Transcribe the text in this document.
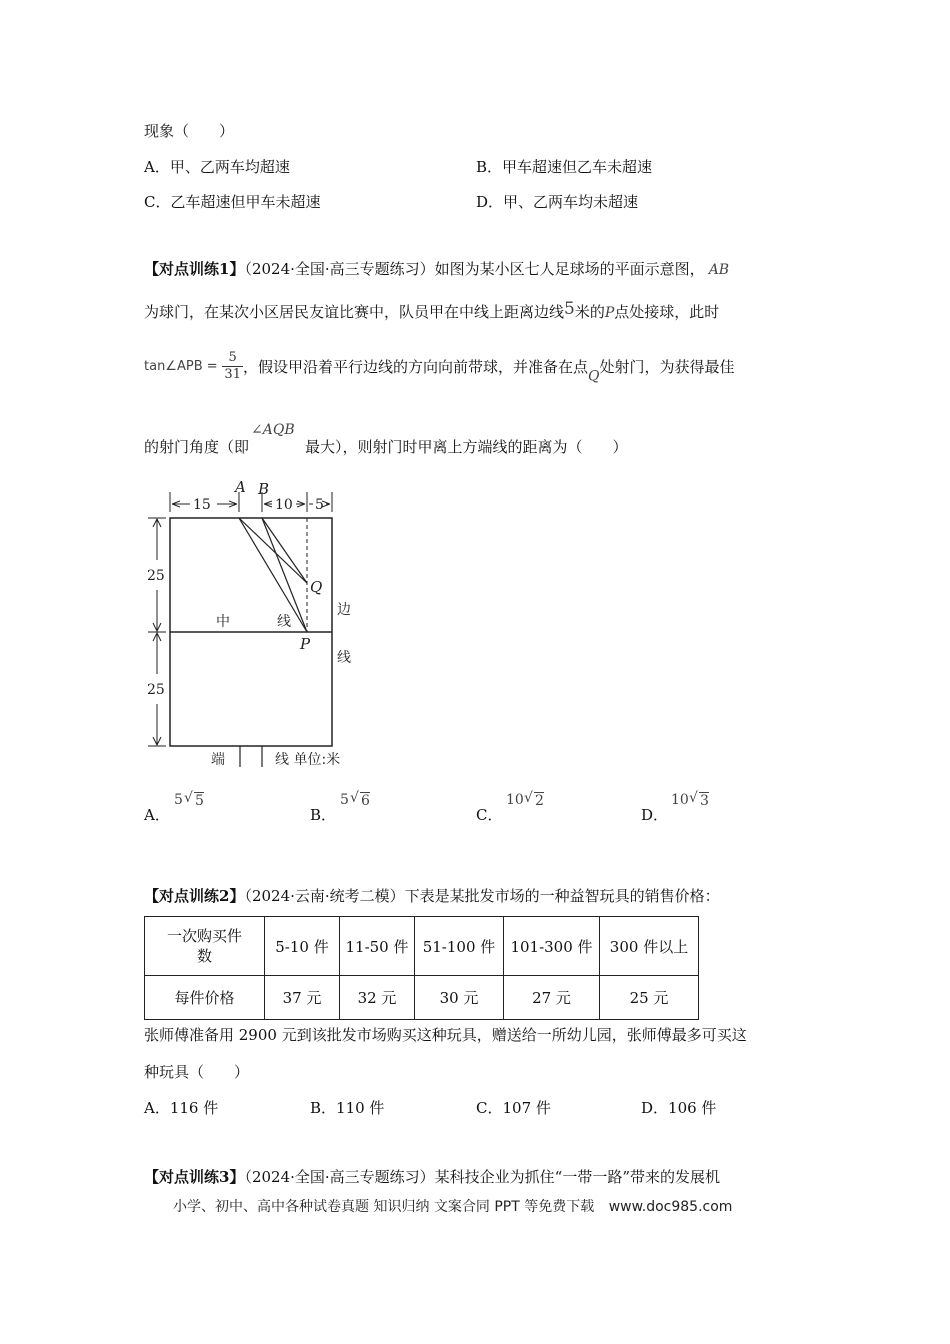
现象（　　）
A．甲、乙两车均超速	B．甲车超速但乙车未超速
C．乙车超速但甲车未超速	D．甲、乙两车均未超速
【对点训练1】（2024·全国·高三专题练习）如图为某小区七人足球场的平面示意图， AB
为球门，在某次小区居民友谊比赛中，队员甲在中线上距离边线5米的P点处接球，此时
tan∠APB = $\frac{5}{31}$ ，假设甲沿着平行边线的方向向前带球，并准备在点Q处射门，为获得最佳
的射门角度（即∠AQB最大），则射门时甲离上方端线的距离为（　　）
15	10 5
25
25
A B
Q
P
中	线
边
线
端	线 单位:米
A．
5 √ 5
B．
5 √ 6
C．
10 √ 2
D．
10 √ 3
【对点训练2】（2024·云南·统考二模）下表是某批发市场的一种益智玩具的销售价格：
一次购买件
数	5-10 件	11-50 件	51-100 件	101-300 件	300 件以上
每件价格	37 元	32 元	30 元	27 元	25 元
张师傅准备用 2900 元到该批发市场购买这种玩具，赠送给一所幼儿园，张师傅最多可买这
种玩具（　　）
A．116 件	B．110 件	C．107 件	D．106 件
【对点训练3】（2024·全国·高三专题练习）某科技企业为抓住“一带一路”带来的发展机
小学、初中、高中各种试卷真题 知识归纳 文案合同 PPT 等免费下载 www.doc985.com
